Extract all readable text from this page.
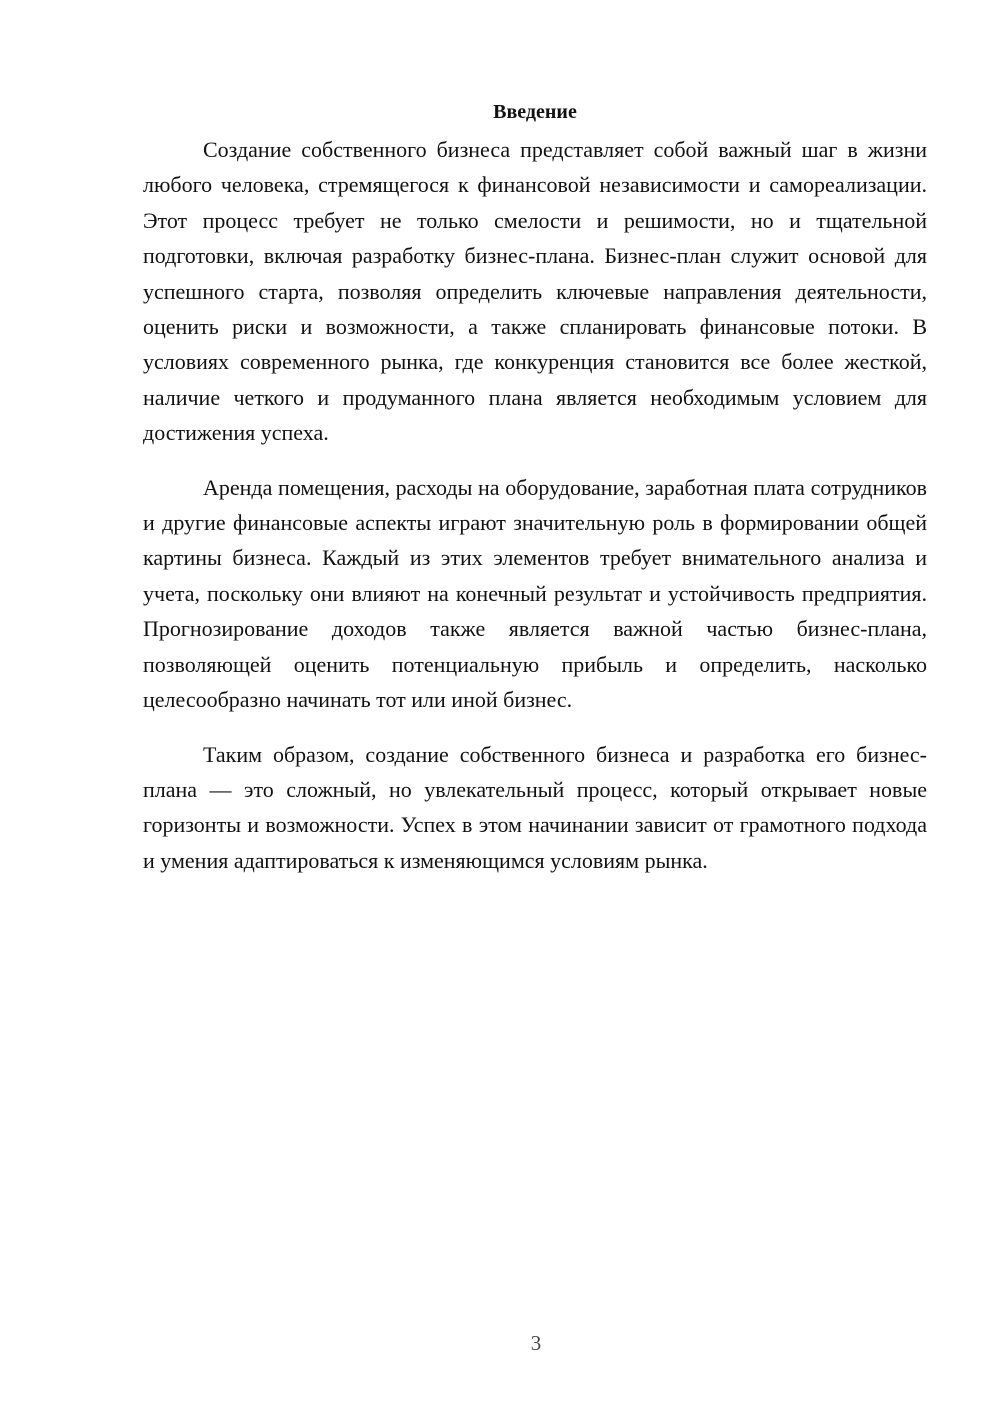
Введение

Создание собственного бизнеса представляет собой важный шаг в жизни любого человека, стремящегося к финансовой независимости и самореализации. Этот процесс требует не только смелости и решимости, но и тщательной подготовки, включая разработку бизнес-плана. Бизнес-план служит основой для успешного старта, позволяя определить ключевые направления деятельности, оценить риски и возможности, а также спланировать финансовые потоки. В условиях современного рынка, где конкуренция становится все более жесткой, наличие четкого и продуманного плана является необходимым условием для достижения успеха.

Аренда помещения, расходы на оборудование, заработная плата сотрудников и другие финансовые аспекты играют значительную роль в формировании общей картины бизнеса. Каждый из этих элементов требует внимательного анализа и учета, поскольку они влияют на конечный результат и устойчивость предприятия. Прогнозирование доходов также является важной частью бизнес-плана, позволяющей оценить потенциальную прибыль и определить, насколько целесообразно начинать тот или иной бизнес.

Таким образом, создание собственного бизнеса и разработка его бизнес-плана — это сложный, но увлекательный процесс, который открывает новые горизонты и возможности. Успех в этом начинании зависит от грамотного подхода и умения адаптироваться к изменяющимся условиям рынка.

3
